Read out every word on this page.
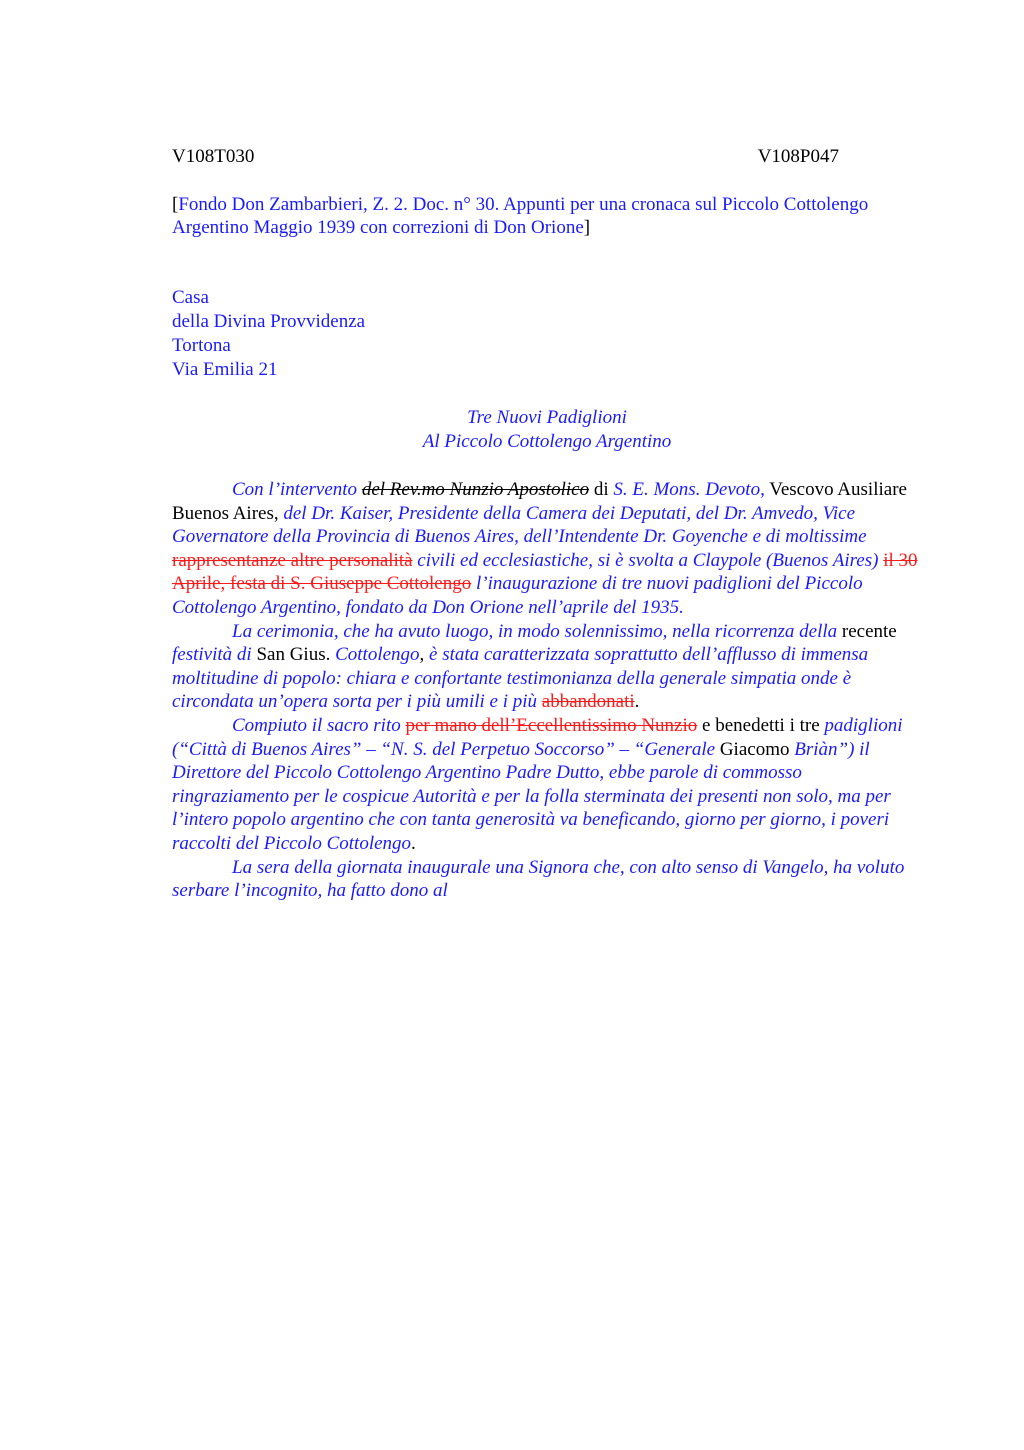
V108T030	V108P047
[Fondo Don Zambarbieri, Z. 2. Doc. n° 30. Appunti per una cronaca sul Piccolo Cottolengo Argentino Maggio 1939 con correzioni di Don Orione]
Casa
della Divina Provvidenza
Tortona
Via Emilia 21
Tre Nuovi Padiglioni
Al Piccolo Cottolengo Argentino

Con l’intervento del Rev.mo Nunzio Apostolico di S. E. Mons. Devoto, Vescovo Ausiliare Buenos Aires, del Dr. Kaiser, Presidente della Camera dei Deputati, del Dr. Amvedo, Vice Governatore della Provincia di Buenos Aires, dell’Intendente Dr. Goyenche e di moltissime rappresentanze altre personalità civili ed ecclesiastiche, si è svolta a Claypole (Buenos Aires) il 30 Aprile, festa di S. Giuseppe Cottolengo l’inaugurazione di tre nuovi padiglioni del Piccolo Cottolengo Argentino, fondato da Don Orione nell’aprile del 1935.

La cerimonia, che ha avuto luogo, in modo solennissimo, nella ricorrenza della recente festività di San Gius. Cottolengo, è stata caratterizzata soprattutto dell’afflusso di immensa moltitudine di popolo: chiara e confortante testimonianza della generale simpatia onde è circondata un’opera sorta per i più umili e i più abbandonati.

Compiuto il sacro rito per mano dell’Eccellentissimo Nunzio e benedetti i tre padiglioni (“Città di Buenos Aires” – “N. S. del Perpetuo Soccorso” – “Generale Giacomo Briàn”) il Direttore del Piccolo Cottolengo Argentino Padre Dutto, ebbe parole di commosso ringraziamento per le cospicue Autorità e per la folla sterminata dei presenti non solo, ma per l’intero popolo argentino che con tanta generosità va beneficando, giorno per giorno, i poveri raccolti del Piccolo Cottolengo.

La sera della giornata inaugurale una Signora che, con alto senso di Vangelo, ha voluto serbare l’incognito, ha fatto dono al
